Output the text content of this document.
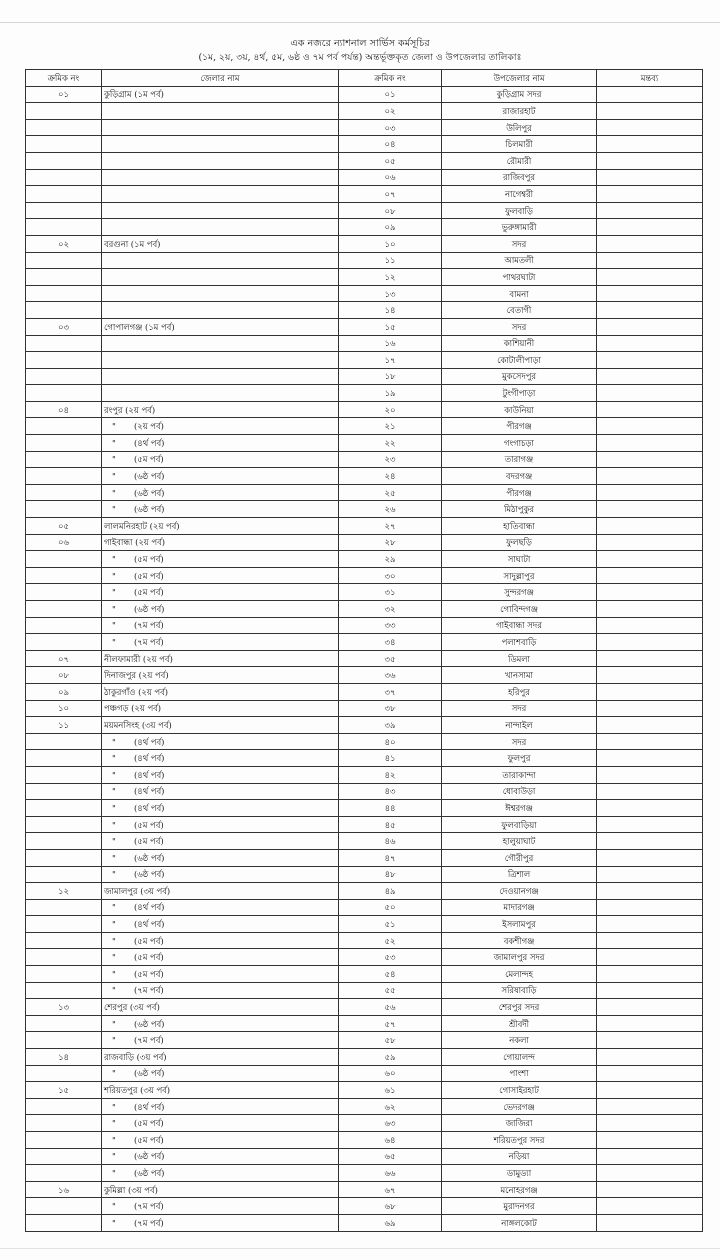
এক নজরে ন্যাশনাল সার্ভিস কর্মসূচির
(১ম, ২য়, ৩য়, ৪র্থ, ৫ম, ৬ষ্ঠ ও ৭ম পর্ব পর্যন্ত) অন্তর্ভূক্তকৃত জেলা ও উপজেলার তালিকাঃ
ক্রমিক নং	জেলার নাম	ক্রমিক নং	উপজেলার নাম	মন্তব্য
০১	কুড়িগ্রাম (১ম পর্ব)	০১	কুড়িগ্রাম সদর	
		০২	রাজারহাট	
		০৩	উলিপুর	
		০৪	চিলমারী	
		০৫	রৌমারী	
		০৬	রাজিবপুর	
		০৭	নাগেশ্বরী	
		০৮	ফুলবাড়ি	
		০৯	ভুরুঙ্গামারী	
০২	বরগুনা (১ম পর্ব)	১০	সদর	
		১১	আমতলী	
		১২	পাথরঘাটা	
		১৩	বামনা	
		১৪	বেতাগী	
০৩	গোপালগঞ্জ (১ম পর্ব)	১৫	সদর	
		১৬	কাশিয়ানী	
		১৭	কোটালীপাড়া	
		১৮	মুকসেদপুর	
		১৯	টুংগীপাড়া	
০৪	রংপুর (২য় পর্ব)	২০	কাউনিয়া	
	" (২য় পর্ব)	২১	পীরগঞ্জ	
	" (৪র্থ পর্ব)	২২	গংগাচড়া	
	" (৫ম পর্ব)	২৩	তারাগঞ্জ	
	" (৬ষ্ঠ পর্ব)	২৪	বদরগঞ্জ	
	" (৬ষ্ঠ পর্ব)	২৫	পীরগঞ্জ	
	" (৬ষ্ঠ পর্ব)	২৬	মিঠাপুকুর	
০৫	লালমনিরহাট (২য় পর্ব)	২৭	হাতিবান্ধা	
০৬	গাইবান্ধা (২য় পর্ব)	২৮	ফুলছড়ি	
	" (৫ম পর্ব)	২৯	সাঘাটা	
	" (৫ম পর্ব)	৩০	সাদুল্লাপুর	
	" (৫ম পর্ব)	৩১	সুন্দরগঞ্জ	
	" (৬ষ্ঠ পর্ব)	৩২	গোবিন্দগঞ্জ	
	" (৭ম পর্ব)	৩৩	গাইবান্ধা সদর	
	" (৭ম পর্ব)	৩৪	পলাশবাড়ি	
০৭	নীলফামারী (২য় পর্ব)	৩৫	ডিমলা	
০৮	দিনাজপুর (২য় পর্ব)	৩৬	খানসামা	
০৯	ঠাকুরগাঁও (২য় পর্ব)	৩৭	হরিপুর	
১০	পঞ্চগড় (২য় পর্ব)	৩৮	সদর	
১১	ময়মনসিংহ (৩য় পর্ব)	৩৯	নান্দাইল	
	" (৪র্থ পর্ব)	৪০	সদর	
	" (৪র্থ পর্ব)	৪১	ফুলপুর	
	" (৪র্থ পর্ব)	৪২	তারাকান্দা	
	" (৪র্থ পর্ব)	৪৩	ধোবাউড়া	
	" (৪র্থ পর্ব)	৪৪	ঈশ্বরগঞ্জ	
	" (৫ম পর্ব)	৪৫	ফুলবাড়িয়া	
	" (৫ম পর্ব)	৪৬	হালুয়াঘাট	
	" (৬ষ্ঠ পর্ব)	৪৭	গৌরীপুর	
	" (৬ষ্ঠ পর্ব)	৪৮	ত্রিশাল	
১২	জামালপুর (৩য় পর্ব)	৪৯	দেওয়ানগঞ্জ	
	" (৪র্থ পর্ব)	৫০	মাদারগঞ্জ	
	" (৪র্থ পর্ব)	৫১	ইসলামপুর	
	" (৫ম পর্ব)	৫২	বকশীগঞ্জ	
	" (৫ম পর্ব)	৫৩	জামালপুর সদর	
	" (৫ম পর্ব)	৫৪	মেলান্দহ	
	" (৭ম পর্ব)	৫৫	সরিষাবাড়ি	
১৩	শেরপুর (৩য় পর্ব)	৫৬	শেরপুর সদর	
	" (৬ষ্ঠ পর্ব)	৫৭	শ্রীবর্দী	
	" (৭ম পর্ব)	৫৮	নকলা	
১৪	রাজবাড়ি (৩য় পর্ব)	৫৯	গোয়ালন্দ	
	" (৬ষ্ঠ পর্ব)	৬০	পাংশা	
১৫	শরিয়তপুর (৩য় পর্ব)	৬১	গোসাইরহাট	
	" (৪র্থ পর্ব)	৬২	ভেদরগঞ্জ	
	" (৫ম পর্ব)	৬৩	জাজিরা	
	" (৫ম পর্ব)	৬৪	শরিয়তপুর সদর	
	" (৬ষ্ঠ পর্ব)	৬৫	নড়িয়া	
	" (৬ষ্ঠ পর্ব)	৬৬	ডামুড্যা	
১৬	কুমিল্লা (৩য় পর্ব)	৬৭	মনোহরগঞ্জ	
	" (৭ম পর্ব)	৬৮	মুরাদনগর	
	" (৭ম পর্ব)	৬৯	নাঙ্গলকোট	
